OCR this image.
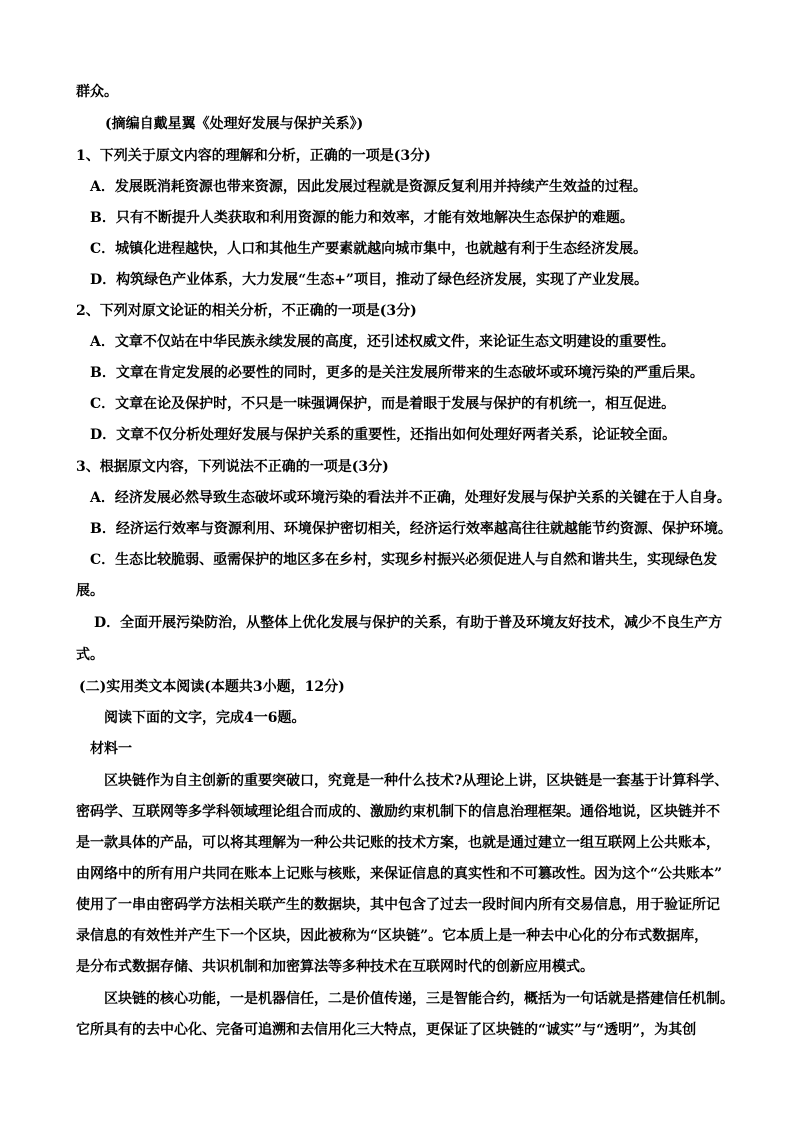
群众。
(摘编自戴星翼《处理好发展与保护关系》)
1、下列关于原文内容的理解和分析，正确的一项是(3分)
A．发展既消耗资源也带来资源，因此发展过程就是资源反复利用并持续产生效益的过程。
B．只有不断提升人类获取和利用资源的能力和效率，才能有效地解决生态保护的难题。
C．城镇化进程越快，人口和其他生产要素就越向城市集中，也就越有利于生态经济发展。
D．构筑绿色产业体系，大力发展“生态+”项目，推动了绿色经济发展，实现了产业发展。
2、下列对原文论证的相关分析，不正确的一项是(3分)
A．文章不仅站在中华民族永续发展的高度，还引述权威文件，来论证生态文明建设的重要性。
B．文章在肯定发展的必要性的同时，更多的是关注发展所带来的生态破坏或环境污染的严重后果。
C．文章在论及保护时，不只是一味强调保护，而是着眼于发展与保护的有机统一，相互促进。
D．文章不仅分析处理好发展与保护关系的重要性，还指出如何处理好两者关系，论证较全面。
3、根据原文内容，下列说法不正确的一项是(3分)
A．经济发展必然导致生态破坏或环境污染的看法并不正确，处理好发展与保护关系的关键在于人自身。
B．经济运行效率与资源利用、环境保护密切相关，经济运行效率越高往往就越能节约资源、保护环境。
C．生态比较脆弱、亟需保护的地区多在乡村，实现乡村振兴必须促进人与自然和谐共生，实现绿色发
展。
D．全面开展污染防治，从整体上优化发展与保护的关系，有助于普及环境友好技术，减少不良生产方
式。
(二)实用类文本阅读(本题共3小题，12分)
阅读下面的文字，完成4一6题。
材料一
区块链作为自主创新的重要突破口，究竟是一种什么技术?从理论上讲，区块链是一套基于计算科学、
密码学、互联网等多学科领域理论组合而成的、激励约束机制下的信息治理框架。通俗地说，区块链并不
是一款具体的产品，可以将其理解为一种公共记账的技术方案，也就是通过建立一组互联网上公共账本，
由网络中的所有用户共同在账本上记账与核账，来保证信息的真实性和不可篡改性。因为这个“公共账本”
使用了一串由密码学方法相关联产生的数据块，其中包含了过去一段时间内所有交易信息，用于验证所记
录信息的有效性并产生下一个区块，因此被称为“区块链”。它本质上是一种去中心化的分布式数据库，
是分布式数据存储、共识机制和加密算法等多种技术在互联网时代的创新应用模式。
区块链的核心功能，一是机器信任，二是价值传递，三是智能合约，概括为一句话就是搭建信任机制。
它所具有的去中心化、完备可追溯和去信用化三大特点，更保证了区块链的“诚实”与“透明”，为其创
